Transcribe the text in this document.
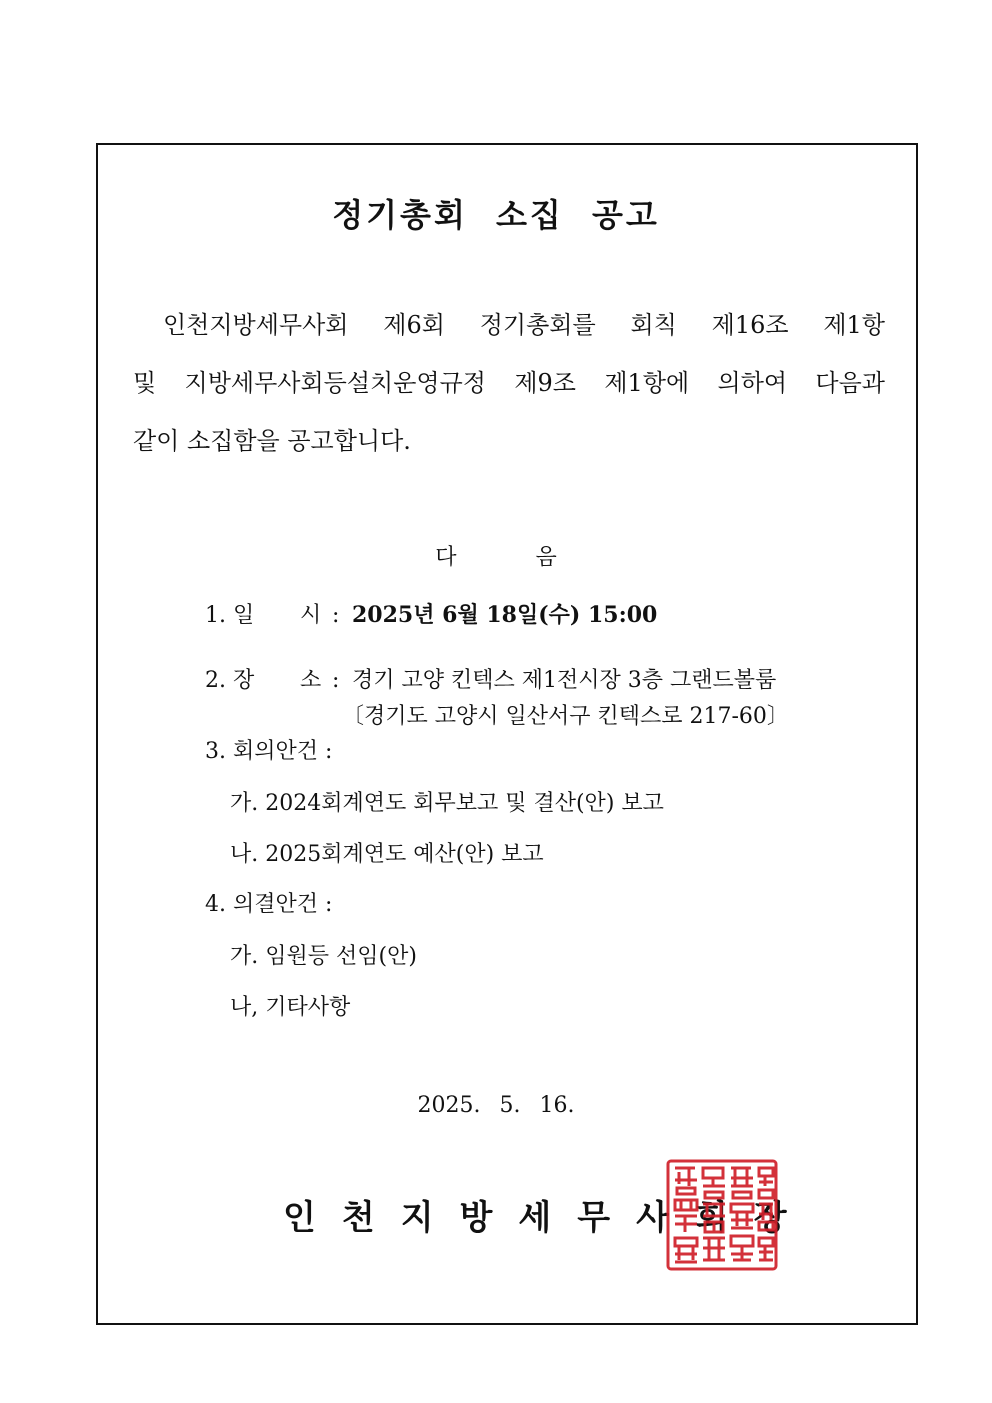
정기총회 소집 공고
인천지방세무사회 제6회 정기총회를 회칙 제16조 제1항
및 지방세무사회등설치운영규정 제9조 제1항에 의하여 다음과
같이 소집함을 공고합니다.
다 음
1. 일 시 : 2025년 6월 18일(수) 15:00
2. 장 소 : 경기 고양 킨텍스 제1전시장 3층 그랜드볼룸
〔경기도 고양시 일산서구 킨텍스로 217-60〕
3. 회의안건 :
가. 2024회계연도 회무보고 및 결산(안) 보고
나. 2025회계연도 예산(안) 보고
4. 의결안건 :
가. 임원등 선임(안)
나, 기타사항
2025. 5. 16.
인천지방세무사회장
